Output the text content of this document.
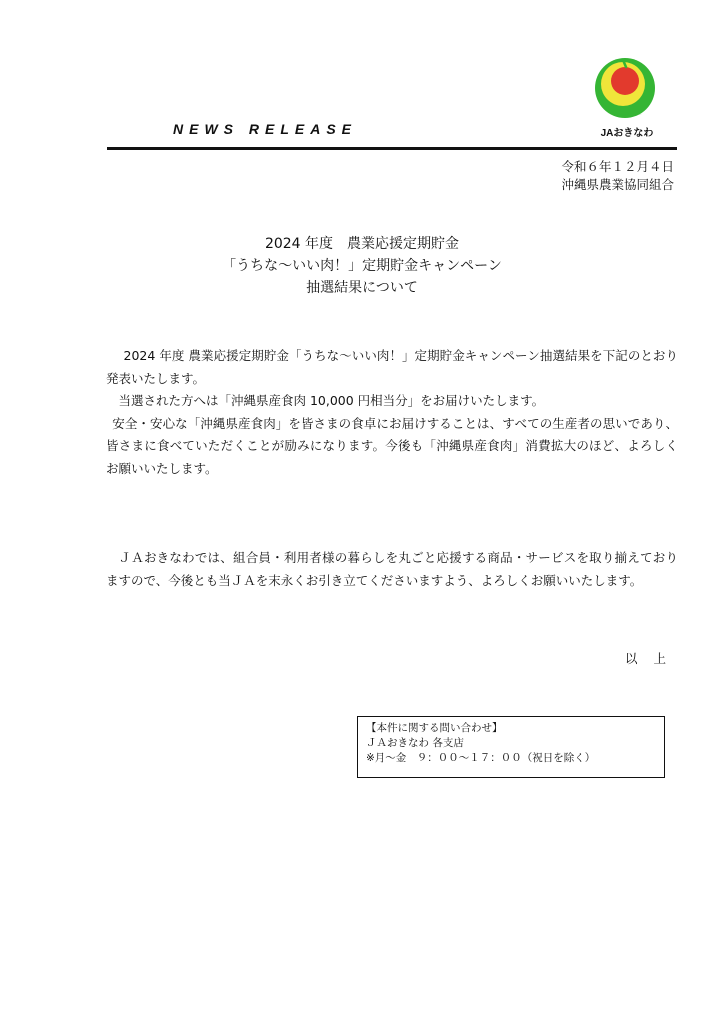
NEWS RELEASE	JAおきなわ
令和６年１２月４日
沖縄県農業協同組合
2024 年度　農業応援定期貯金
「うちな～いい肉！」定期貯金キャンペーン
抽選結果について

2024 年度 農業応援定期貯金「うちな～いい肉！」定期貯金キャンペーン抽選結果を下記のとおり発表いたします。

当選された方へは「沖縄県産食肉 10,000 円相当分」をお届けいたします。

安全・安心な「沖縄県産食肉」を皆さまの食卓にお届けすることは、すべての生産者の思いであり、皆さまに食べていただくことが励みになります。今後も「沖縄県産食肉」消費拡大のほど、よろしくお願いいたします。

ＪＡおきなわでは、組合員・利用者様の暮らしを丸ごと応援する商品・サービスを取り揃えておりますので、今後とも当ＪＡを末永くお引き立てくださいますよう、よろしくお願いいたします。

以 上
【本件に関する問い合わせ】
ＪＡおきなわ 各支店
※月～金　９：００～１７：００（祝日を除く）
